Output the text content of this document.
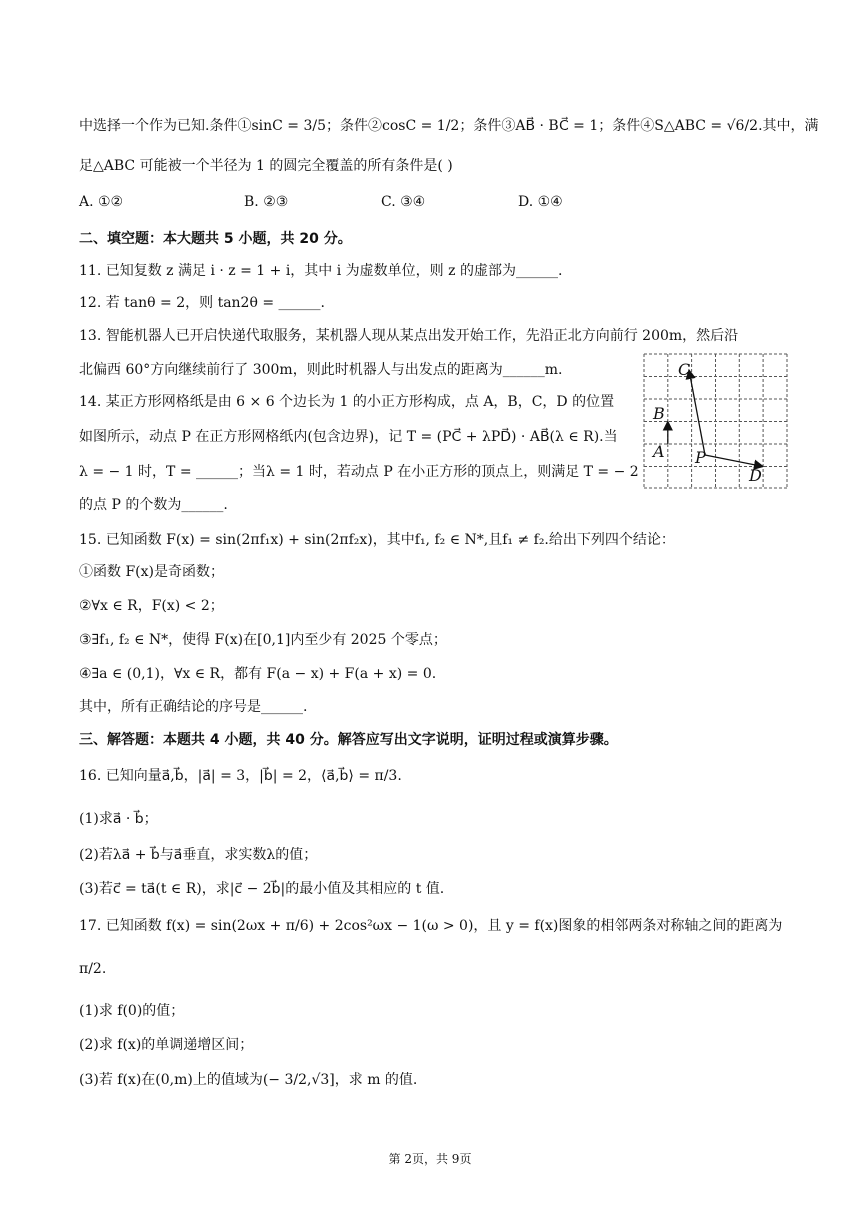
中选择一个作为已知.条件①sinC = 3/5；条件②cosC = 1/2；条件③AB⃗ · BC⃗ = 1；条件④S△ABC = √6/2.其中，满
足△ABC 可能被一个半径为 1 的圆完全覆盖的所有条件是( )
A. ①②	B. ②③	C. ③④	D. ①④
二、填空题：本大题共 5 小题，共 20 分。
11. 已知复数 z 满足 i · z = 1 + i，其中 i 为虚数单位，则 z 的虚部为______.
12. 若 tanθ = 2，则 tan2θ = ______.
13. 智能机器人已开启快递代取服务，某机器人现从某点出发开始工作，先沿正北方向前行 200m，然后沿
北偏西 60°方向继续前行了 300m，则此时机器人与出发点的距离为______m.
14. 某正方形网格纸是由 6 × 6 个边长为 1 的小正方形构成，点 A，B，C，D 的位置
如图所示，动点 P 在正方形网格纸内(包含边界)，记 T = (PC⃗ + λPD⃗) · AB⃗(λ ∈ R).当
λ = − 1 时，T = ______；当λ = 1 时，若动点 P 在小正方形的顶点上，则满足 T = − 2
的点 P 的个数为______.
15. 已知函数 F(x) = sin(2πf₁x) + sin(2πf₂x)，其中f₁, f₂ ∈ N*,且f₁ ≠ f₂.给出下列四个结论：
①函数 F(x)是奇函数；
②∀x ∈ R，F(x) < 2；
③∃f₁, f₂ ∈ N*，使得 F(x)在[0,1]内至少有 2025 个零点；
④∃a ∈ (0,1)，∀x ∈ R，都有 F(a − x) + F(a + x) = 0.
其中，所有正确结论的序号是______.
三、解答题：本题共 4 小题，共 40 分。解答应写出文字说明，证明过程或演算步骤。
16. 已知向量a⃗,b⃗，|a⃗| = 3，|b⃗| = 2，⟨a⃗,b⃗⟩ = π/3.
(1)求a⃗ · b⃗；
(2)若λa⃗ + b⃗与a⃗垂直，求实数λ的值；
(3)若c⃗ = ta⃗(t ∈ R)，求|c⃗ − 2b⃗|的最小值及其相应的 t 值.
17. 已知函数 f(x) = sin(2ωx + π/6) + 2cos²ωx − 1(ω > 0)，且 y = f(x)图象的相邻两条对称轴之间的距离为
π/2.
(1)求 f(0)的值；
(2)求 f(x)的单调递增区间；
(3)若 f(x)在(0,m)上的值域为(− 3/2,√3]，求 m 的值.
A
B
C
D
P
第 2页，共 9页
